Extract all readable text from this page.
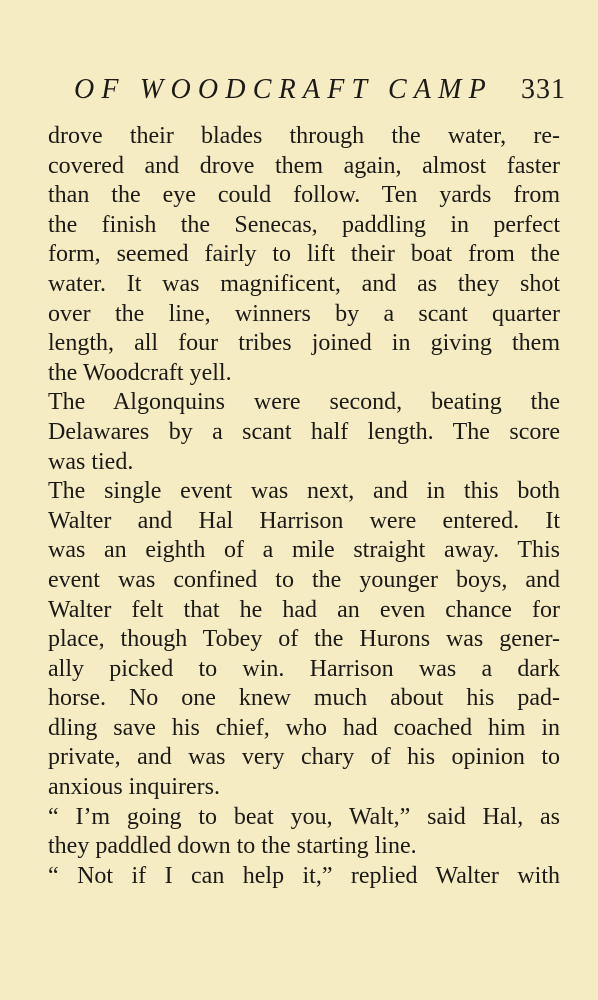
OF WOODCRAFT CAMP 331
drove their blades through the water, re-
covered and drove them again, almost faster
than the eye could follow. Ten yards from
the finish the Senecas, paddling in perfect
form, seemed fairly to lift their boat from the
water. It was magnificent, and as they shot
over the line, winners by a scant quarter
length, all four tribes joined in giving them
the Woodcraft yell.
The Algonquins were second, beating the
Delawares by a scant half length. The score
was tied.
The single event was next, and in this both
Walter and Hal Harrison were entered. It
was an eighth of a mile straight away. This
event was confined to the younger boys, and
Walter felt that he had an even chance for
place, though Tobey of the Hurons was gener-
ally picked to win. Harrison was a dark
horse. No one knew much about his pad-
dling save his chief, who had coached him in
private, and was very chary of his opinion to
anxious inquirers.
“ I’m going to beat you, Walt,” said Hal, as
they paddled down to the starting line.
“ Not if I can help it,” replied Walter with
